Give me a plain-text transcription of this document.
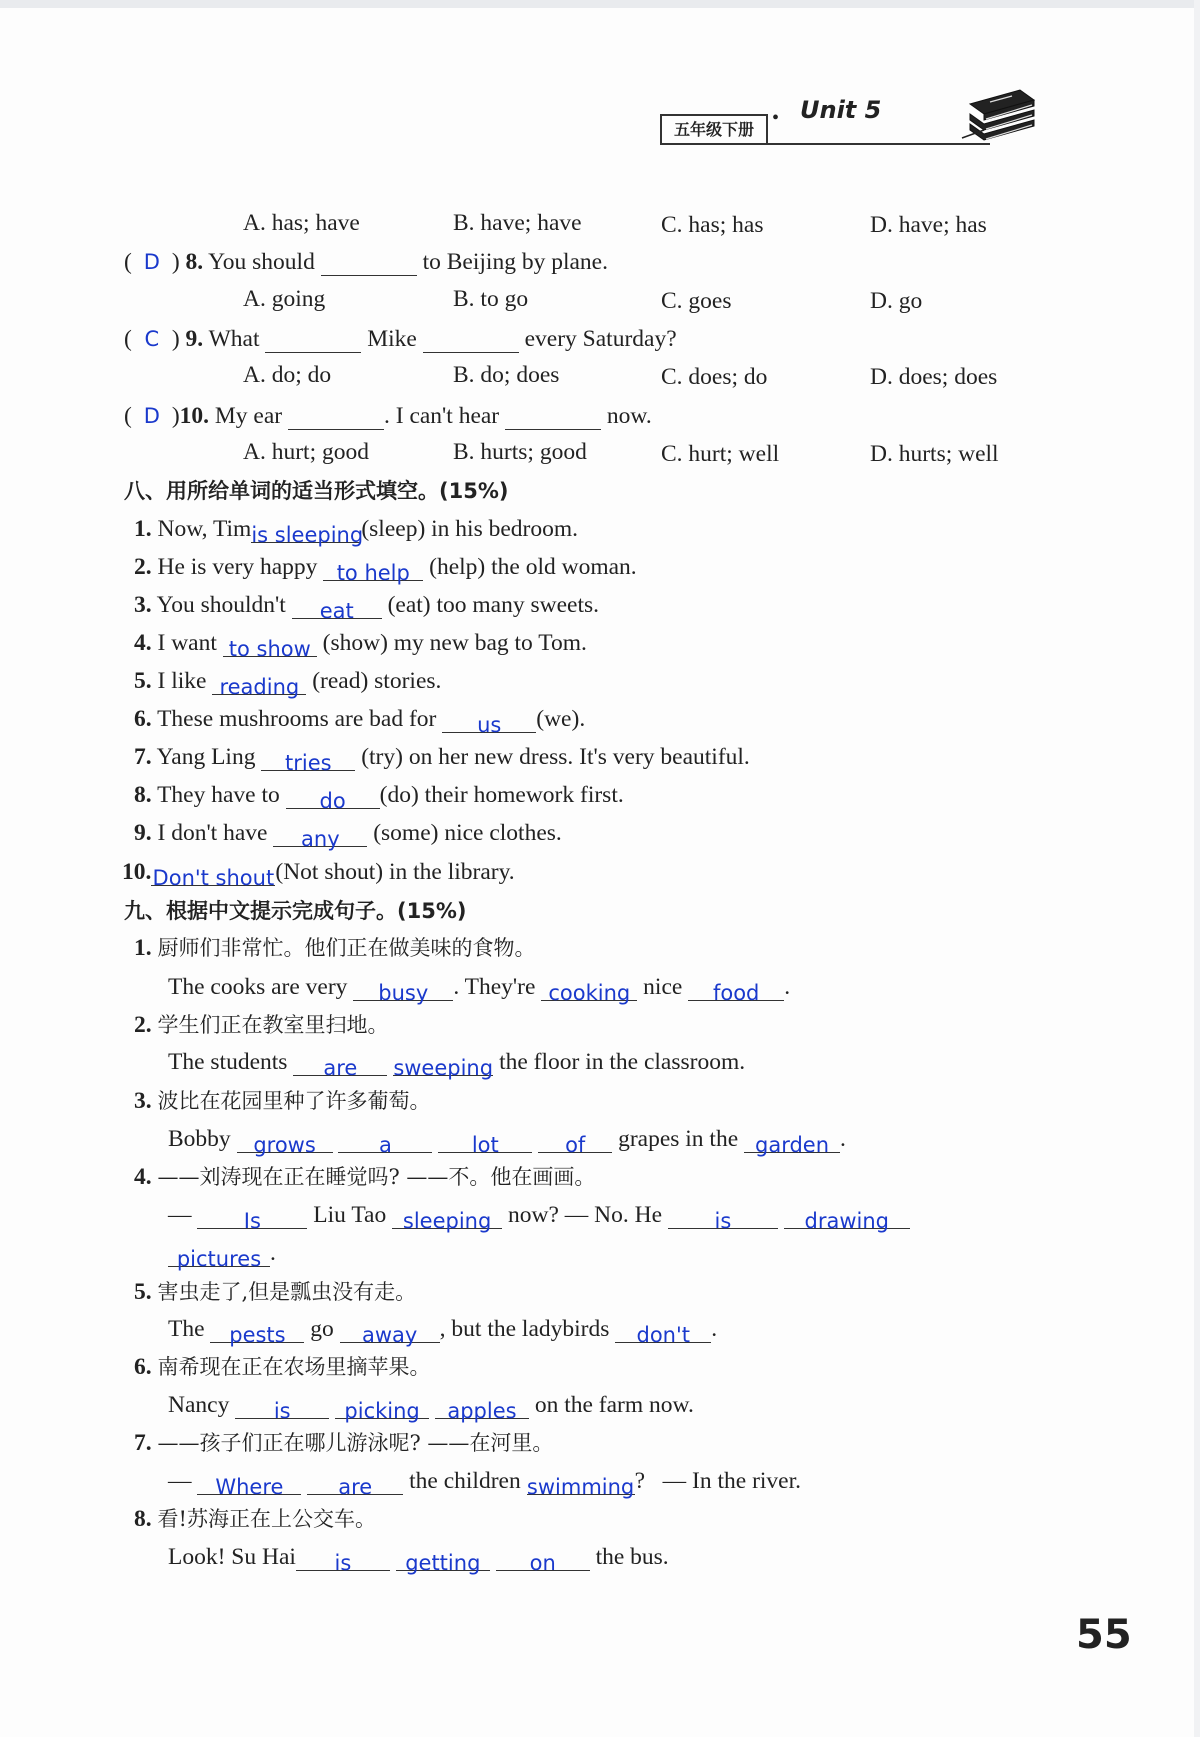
五年级下册
• Unit 5
A. has; have	B. have; have	C. has; has	D. have; has
( D ) 8. You should	to Beijing by plane.
A. going	B. to go	C. goes	D. go
( C ) 9. What	Mike	every Saturday?
A. do; do	B. do; does	C. does; do	D. does; does
( D )10. My ear	. I can't hear	now.
A. hurt; good	B. hurts; good	C. hurt; well	D. hurts; well
八、用所给单词的适当形式填空。(15%)
1. Now, Timis sleeping(sleep) in his bedroom.
2. He is very happy to help (help) the old woman.
3. You shouldn't eat (eat) too many sweets.
4. I want to show (show) my new bag to Tom.
5. I like reading (read) stories.
6. These mushrooms are bad for us (we).
7. Yang Ling tries (try) on her new dress. It's very beautiful.
8. They have to do (do) their homework first.
9. I don't have any (some) nice clothes.
10.Don't shout(Not shout) in the library.
九、根据中文提示完成句子。(15%)
1. 厨师们非常忙。他们正在做美味的食物。
The cooks are very busy . They're cooking nice food .
2. 学生们正在教室里扫地。
The students are sweeping the floor in the classroom.
3. 波比在花园里种了许多葡萄。
Bobby grows	a	lot	of grapes in the garden .
4. ——刘涛现在正在睡觉吗? ——不。他在画画。
— Is Liu Tao sleeping now? — No. He is	drawing
pictures .
5. 害虫走了,但是瓢虫没有走。
The pests go away , but the ladybirds don't .
6. 南希现在正在农场里摘苹果。
Nancy is	picking apples on the farm now.
7. ——孩子们正在哪儿游泳呢? ——在河里。
— Where	are the children swimming? — In the river.
8. 看!苏海正在上公交车。
Look! Su Hai is	getting on the bus.
55
